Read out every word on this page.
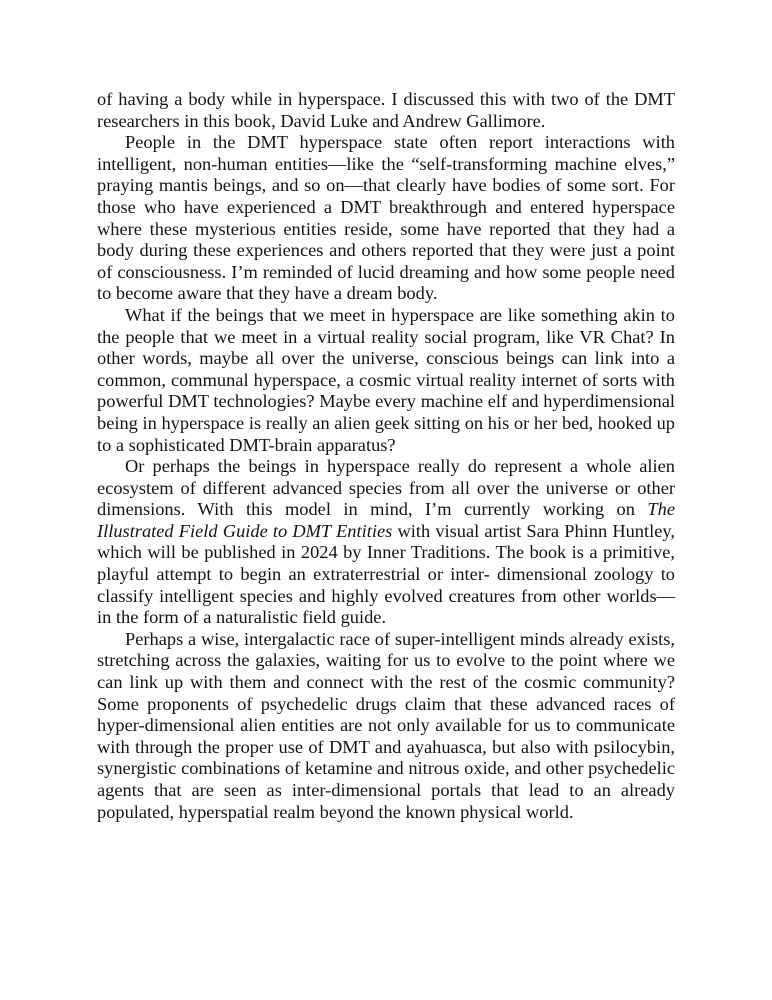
of having a body while in hyperspace. I discussed this with two of the DMT researchers in this book, David Luke and Andrew Gallimore.

People in the DMT hyperspace state often report interactions with intelligent, non-human entities—like the “self-transforming machine elves,” praying mantis beings, and so on—that clearly have bodies of some sort. For those who have experienced a DMT breakthrough and entered hyperspace where these mysterious entities reside, some have reported that they had a body during these experiences and others reported that they were just a point of consciousness. I’m reminded of lucid dreaming and how some people need to become aware that they have a dream body.

What if the beings that we meet in hyperspace are like something akin to the people that we meet in a virtual reality social program, like VR Chat? In other words, maybe all over the universe, conscious beings can link into a common, communal hyperspace, a cosmic virtual reality internet of sorts with powerful DMT technologies? Maybe every machine elf and hyperdimensional being in hyperspace is really an alien geek sitting on his or her bed, hooked up to a sophisticated DMT-brain apparatus?

Or perhaps the beings in hyperspace really do represent a whole alien ecosystem of different advanced species from all over the universe or other dimensions. With this model in mind, I’m currently working on The Illustrated Field Guide to DMT Entities with visual artist Sara Phinn Huntley, which will be published in 2024 by Inner Traditions. The book is a primitive, playful attempt to begin an extraterrestrial or inter- dimensional zoology to classify intelligent species and highly evolved creatures from other worlds—in the form of a naturalistic field guide.

Perhaps a wise, intergalactic race of super-intelligent minds already exists, stretching across the galaxies, waiting for us to evolve to the point where we can link up with them and connect with the rest of the cosmic community? Some proponents of psychedelic drugs claim that these advanced races of hyper-dimensional alien entities are not only available for us to communicate with through the proper use of DMT and ayahuasca, but also with psilocybin, synergistic combinations of ketamine and nitrous oxide, and other psychedelic agents that are seen as inter-dimensional portals that lead to an already populated, hyperspatial realm beyond the known physical world.
